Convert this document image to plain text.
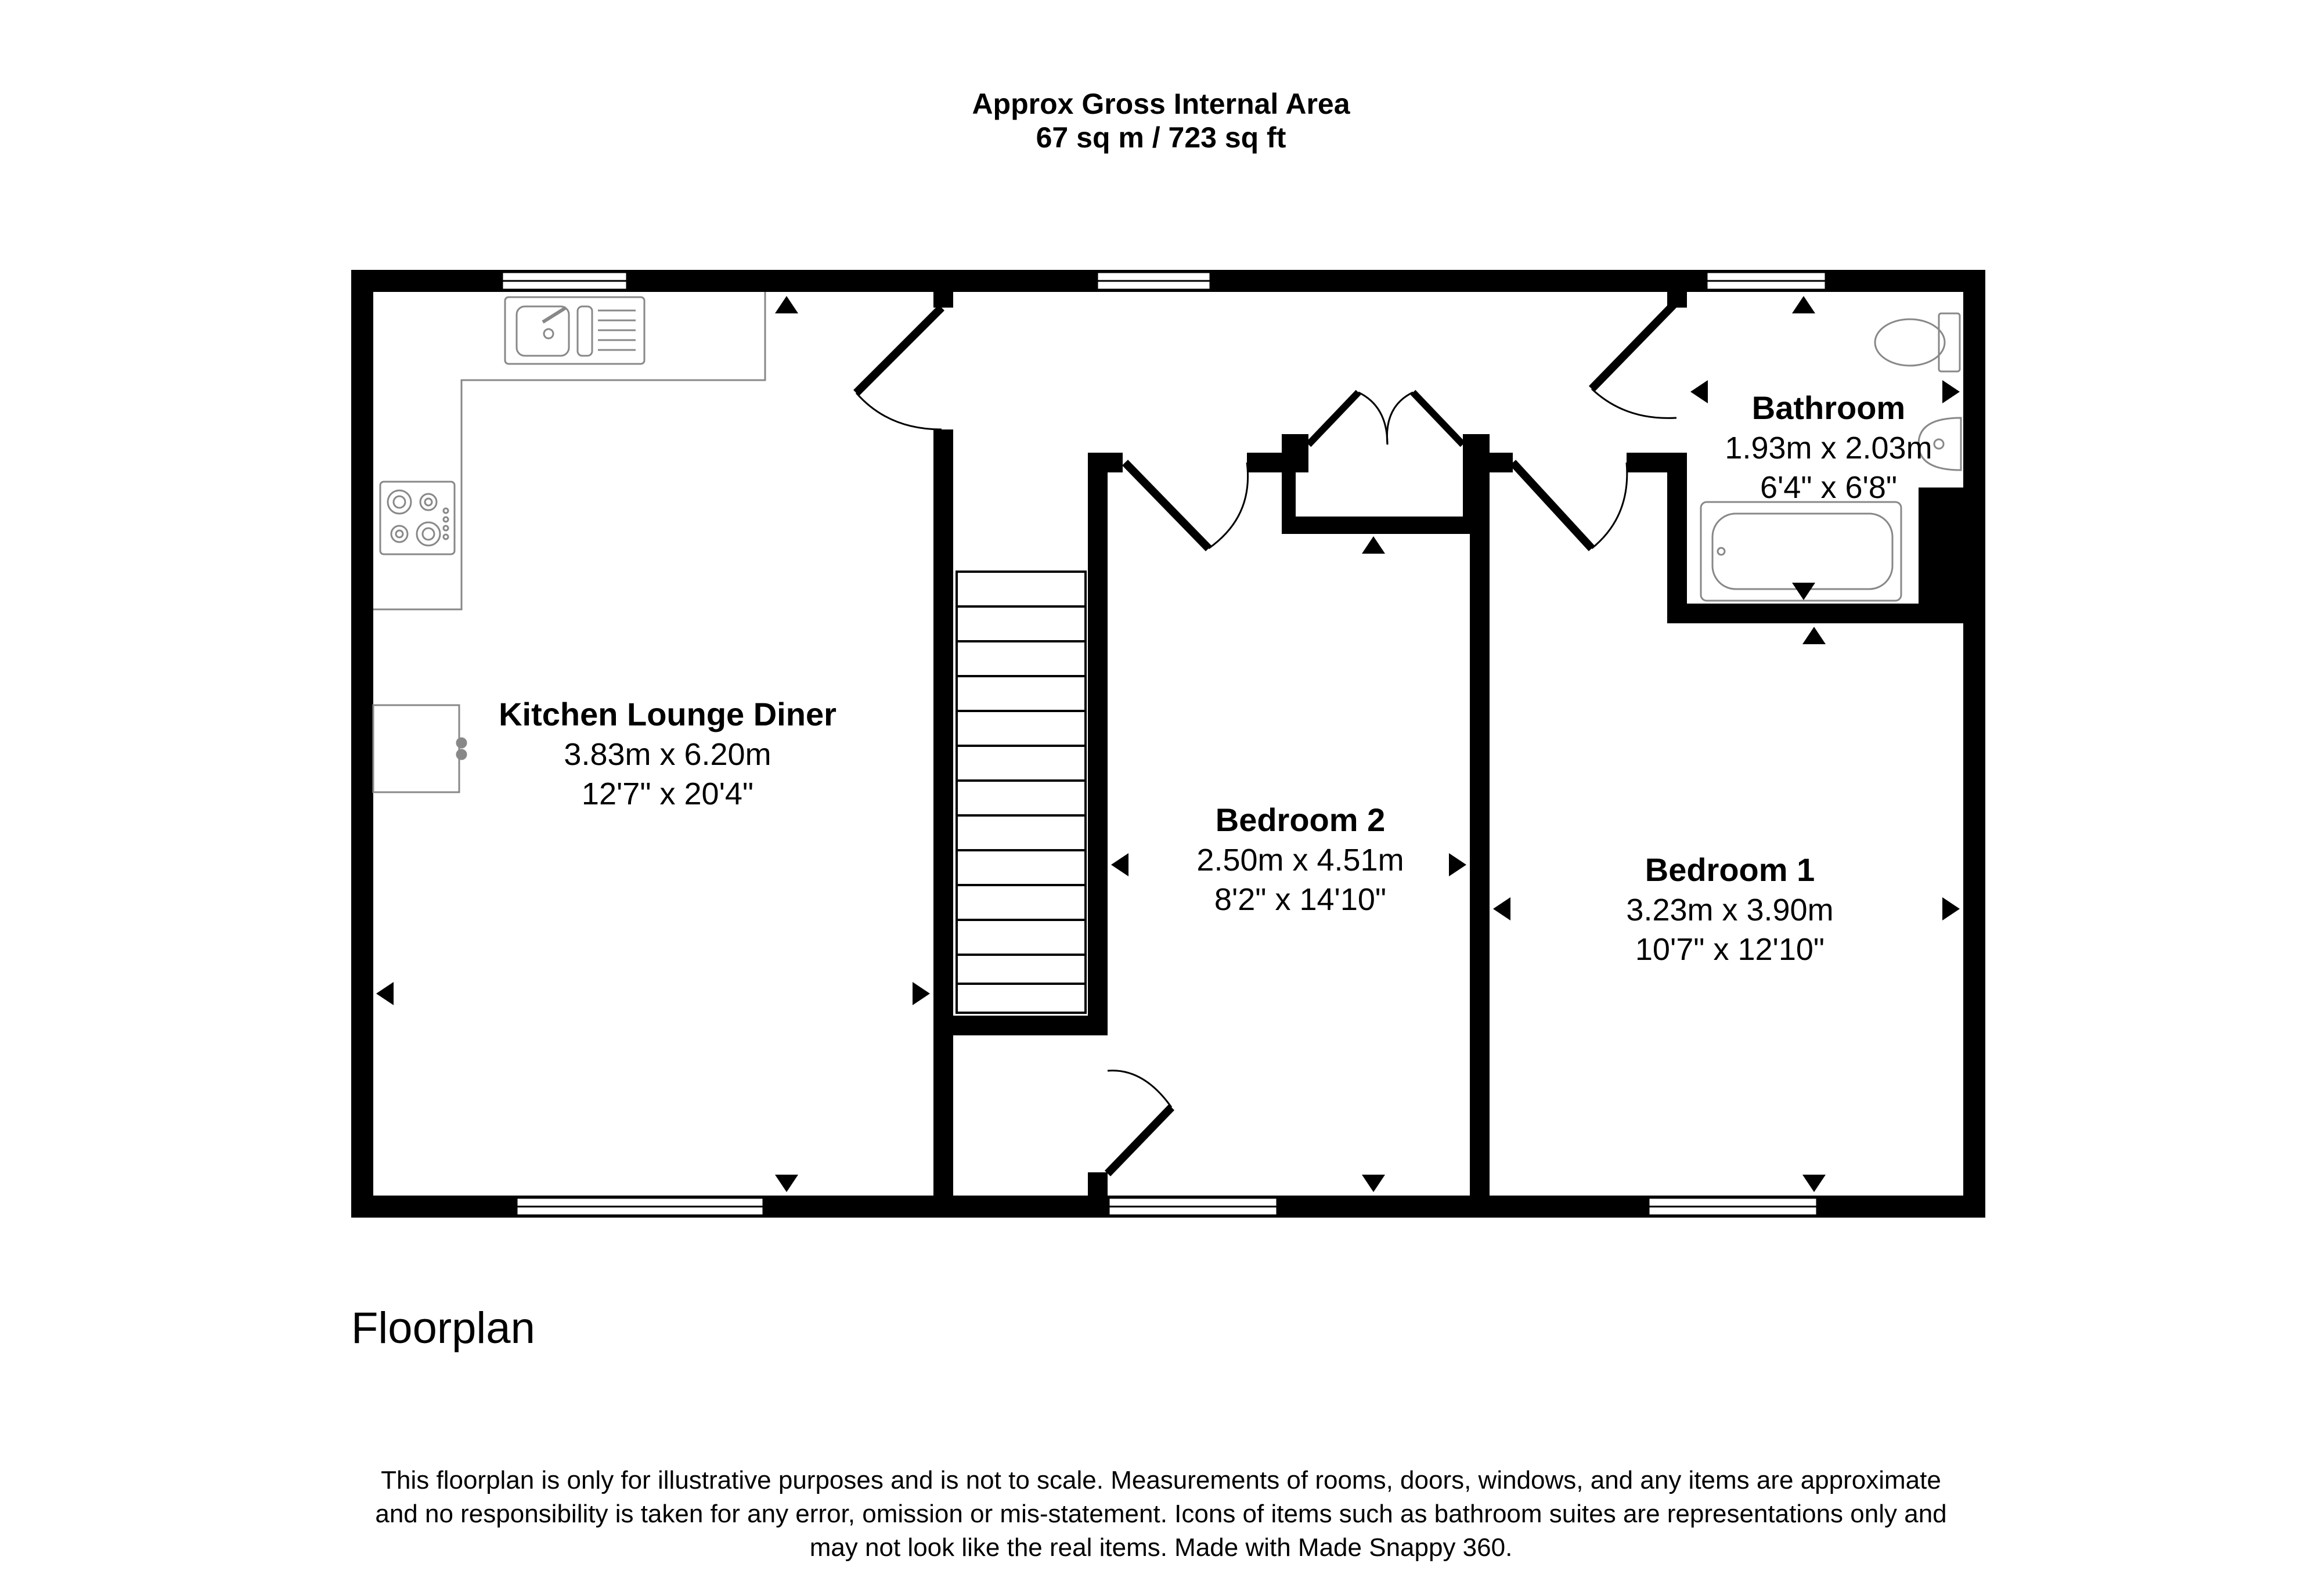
Approx Gross Internal Area
67 sq m / 723 sq ft
Kitchen Lounge Diner
3.83m x 6.20m
12'7" x 20'4"
Bedroom 2
2.50m x 4.51m
8'2" x 14'10"
Bedroom 1
3.23m x 3.90m
10'7" x 12'10"
Bathroom
1.93m x 2.03m
6'4" x 6'8"
Floorplan
This floorplan is only for illustrative purposes and is not to scale. Measurements of rooms, doors, windows, and any items are approximate
and no responsibility is taken for any error, omission or mis-statement. Icons of items such as bathroom suites are representations only and
may not look like the real items. Made with Made Snappy 360.
